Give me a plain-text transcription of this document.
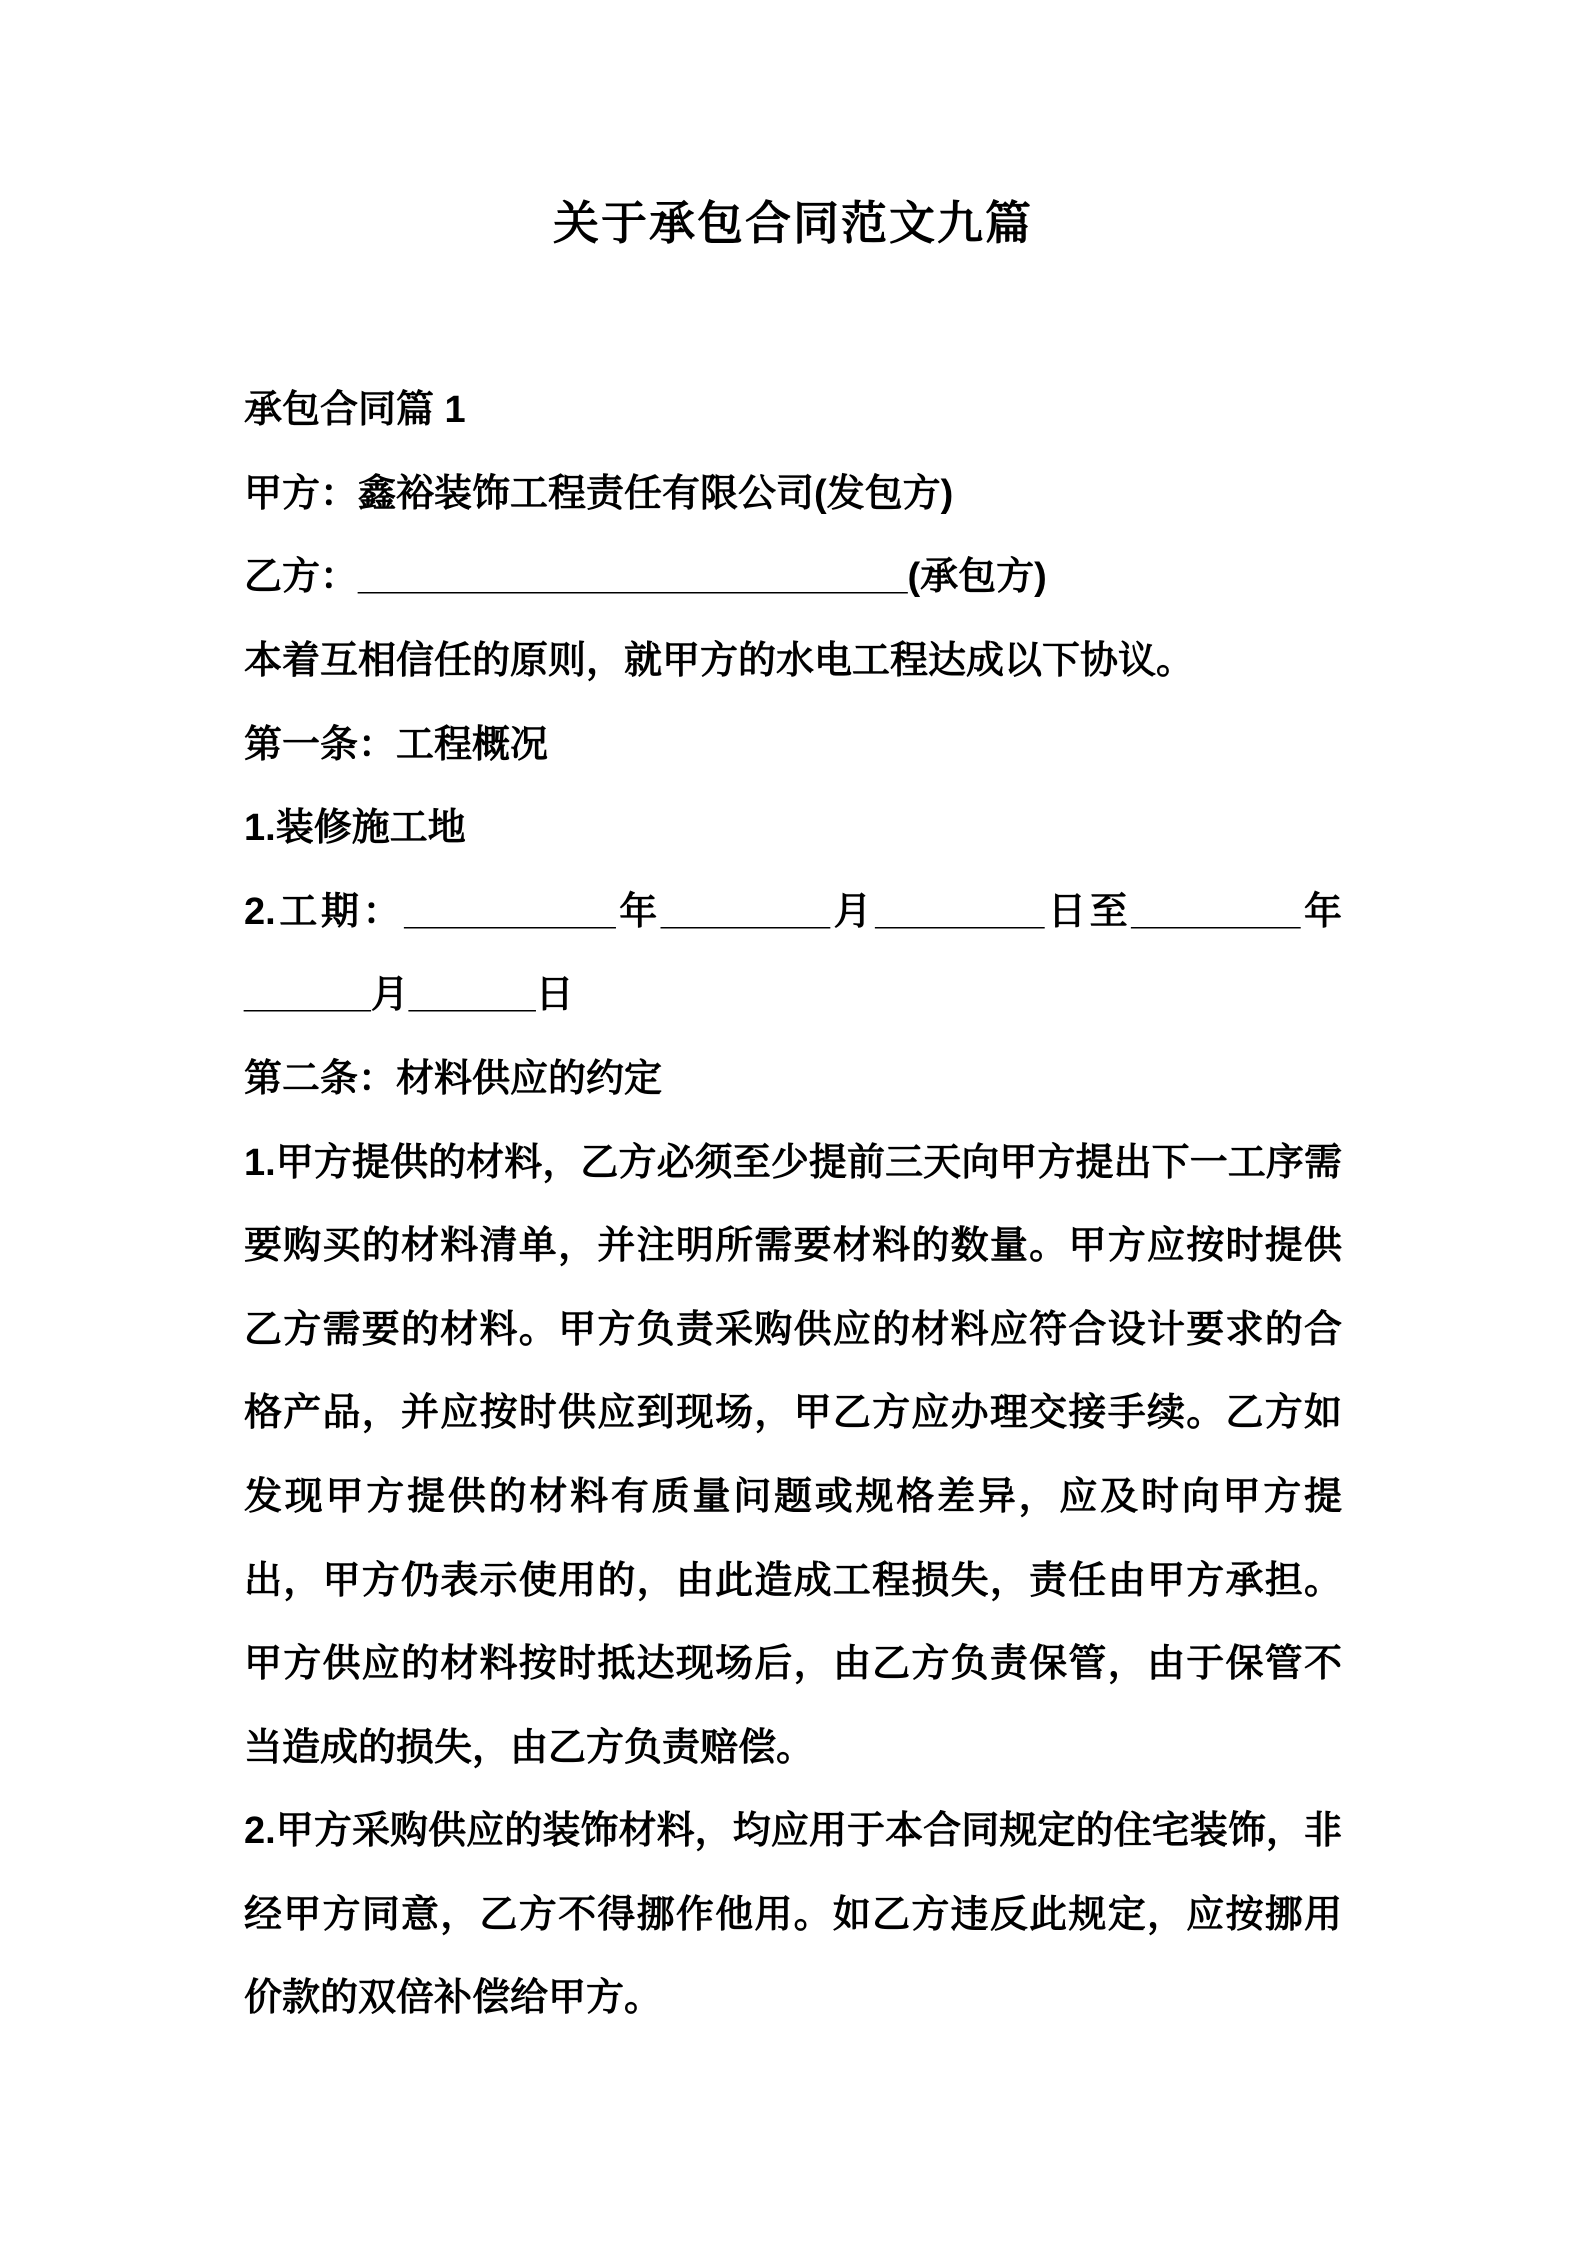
关于承包合同范文九篇

承包合同篇 1

甲方：鑫裕装饰工程责任有限公司(发包方)

乙方：__________________________(承包方)

本着互相信任的原则，就甲方的水电工程达成以下协议。

第一条：工程概况

1.装修施工地

2.工期：__________年________月________日至________年______月______日

第二条：材料供应的约定

1.甲方提供的材料，乙方必须至少提前三天向甲方提出下一工序需要购买的材料清单，并注明所需要材料的数量。甲方应按时提供乙方需要的材料。甲方负责采购供应的材料应符合设计要求的合格产品，并应按时供应到现场，甲乙方应办理交接手续。乙方如发现甲方提供的材料有质量问题或规格差异，应及时向甲方提出，甲方仍表示使用的，由此造成工程损失，责任由甲方承担。甲方供应的材料按时抵达现场后，由乙方负责保管，由于保管不当造成的损失，由乙方负责赔偿。

2.甲方采购供应的装饰材料，均应用于本合同规定的住宅装饰，非经甲方同意，乙方不得挪作他用。如乙方违反此规定，应按挪用价款的双倍补偿给甲方。
